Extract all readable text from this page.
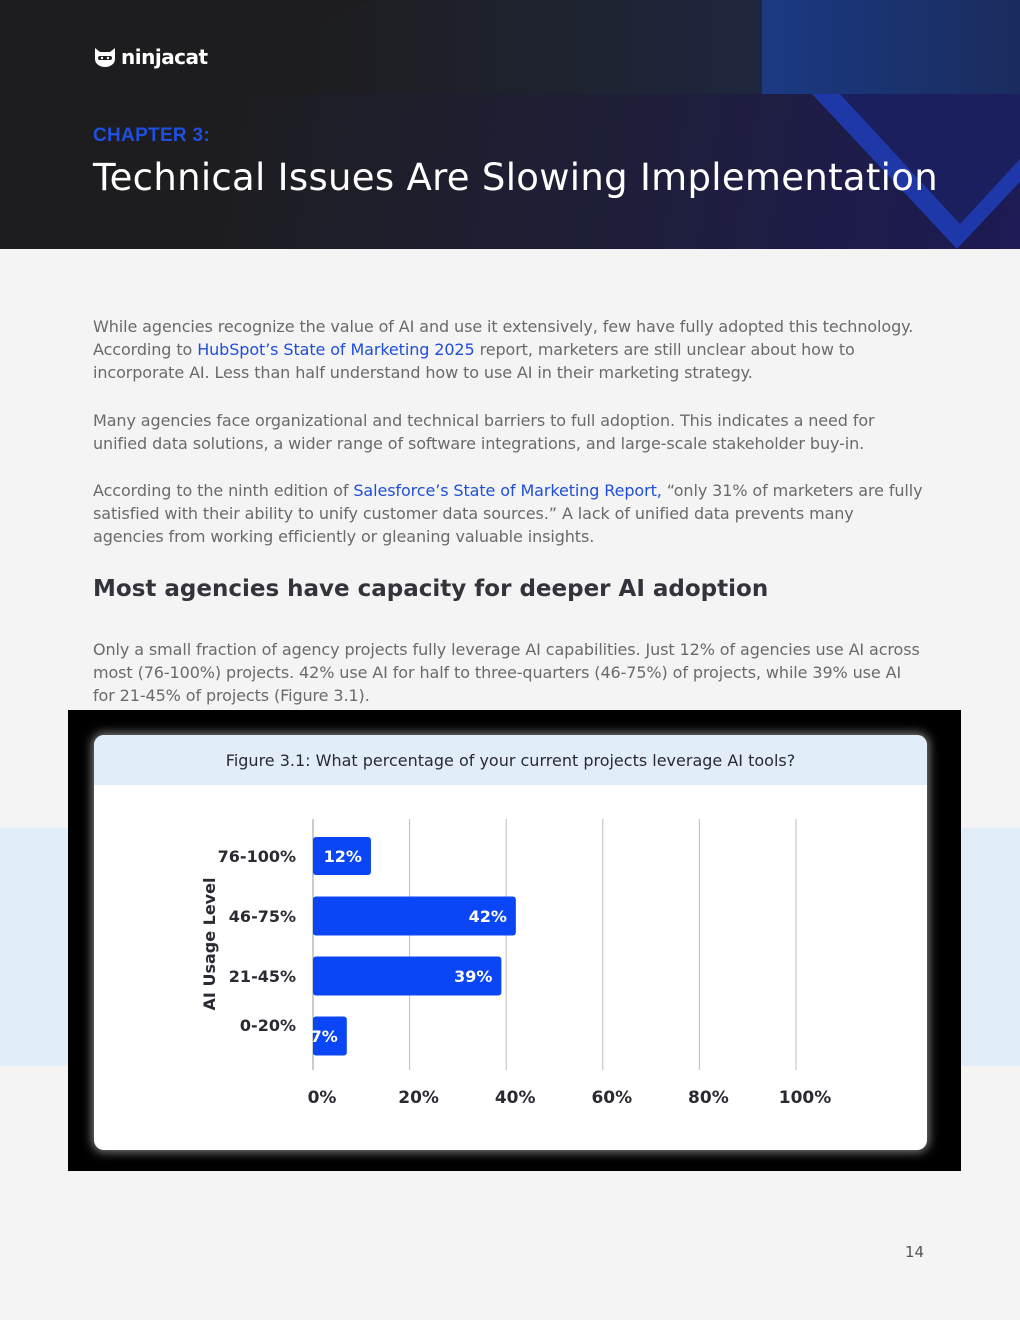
ninjacat
CHAPTER 3:
Technical Issues Are Slowing Implementation
While agencies recognize the value of AI and use it extensively, few have fully adopted this technology. According to HubSpot’s State of Marketing 2025 report, marketers are still unclear about how to incorporate AI. Less than half understand how to use AI in their marketing strategy.
Many agencies face organizational and technical barriers to full adoption. This indicates a need for unified data solutions, a wider range of software integrations, and large-scale stakeholder buy-in.
According to the ninth edition of Salesforce’s State of Marketing Report, “only 31% of marketers are fully satisfied with their ability to unify customer data sources.” A lack of unified data prevents many agencies from working efficiently or gleaning valuable insights.
Most agencies have capacity for deeper AI adoption
Only a small fraction of agency projects fully leverage AI capabilities. Just 12% of agencies use AI across most (76-100%) projects. 42% use AI for half to three-quarters (46-75%) of projects, while 39% use AI for 21-45% of projects (Figure 3.1).
Figure 3.1: What percentage of your current projects leverage AI tools?
0%	20%	40%	60%	80%	100%
12%
76-100%
42%
46-75%
39%
21-45%
7%
0-20%
AI Usage Level
14
